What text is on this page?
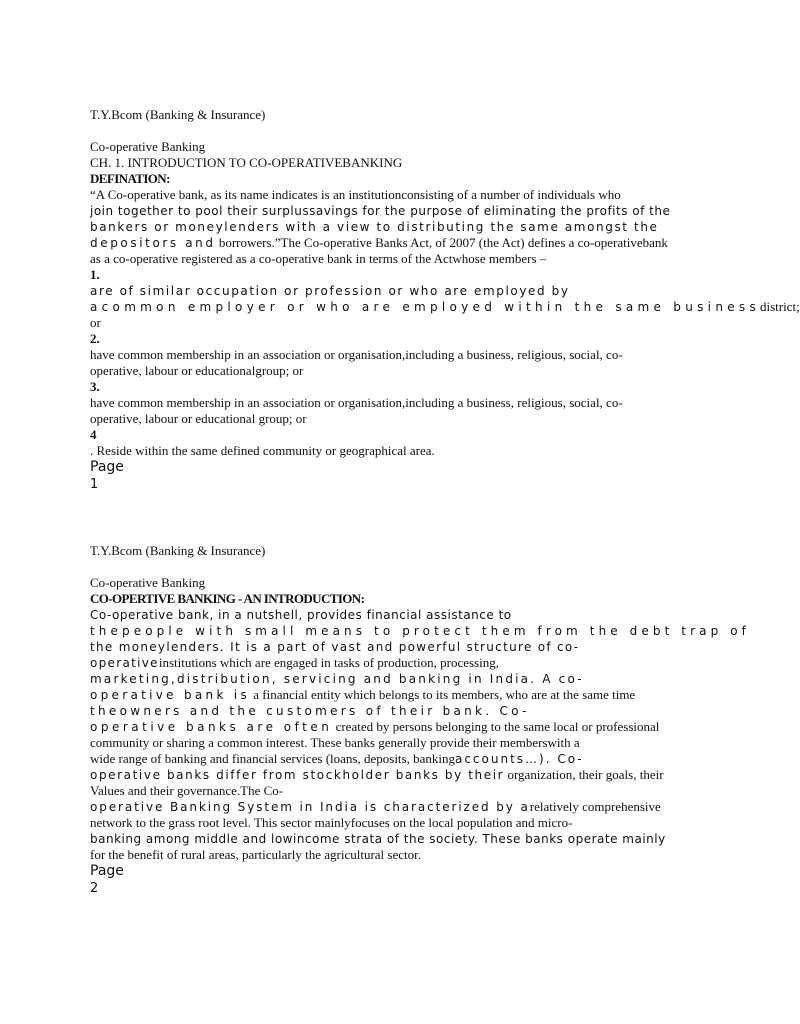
T.Y.Bcom (Banking & Insurance)
Co-operative Banking
CH. 1. INTRODUCTION TO CO-OPERATIVEBANKING
DEFINATION:
“A Co-operative bank, as its name indicates is an institutionconsisting of a number of individuals who
join together to pool their surplussavings for the purpose of eliminating the profits of the
bankers or moneylenders with a view to distributing the same amongst the
depositors and borrowers.”The Co-operative Banks Act, of 2007 (the Act) defines a co-operativebank
as a co-operative registered as a co-operative bank in terms of the Actwhose members –
1.
are of similar occupation or profession or who are employed by
acommon employer or who are employed within the same businessdistrict;
or
2.
have common membership in an association or organisation,including a business, religious, social, co-
operative, labour or educationalgroup; or
3.
have common membership in an association or organisation,including a business, religious, social, co-
operative, labour or educational group; or
4
. Reside within the same defined community or geographical area.
Page
1
T.Y.Bcom (Banking & Insurance)
Co-operative Banking
CO-OPERTIVE BANKING - AN INTRODUCTION:
Co-operative bank, in a nutshell, provides financial assistance to
thepeople with small means to protect them from the debt trap of
the moneylenders. It is a part of vast and powerful structure of co-
operativeinstitutions which are engaged in tasks of production, processing,
marketing,distribution, servicing and banking in India. A co-
operative bank is a financial entity which belongs to its members, who are at the same time
theowners and the customers of their bank. Co-
operative banks are often created by persons belonging to the same local or professional
community or sharing a common interest. These banks generally provide their memberswith a
wide range of banking and financial services (loans, deposits, bankingaccounts…). Co-
operative banks differ from stockholder banks by their organization, their goals, their
Values and their governance.The Co-
operative Banking System in India is characterized by arelatively comprehensive
network to the grass root level. This sector mainlyfocuses on the local population and micro-
banking among middle and lowincome strata of the society. These banks operate mainly
for the benefit of rural areas, particularly the agricultural sector.
Page
2
